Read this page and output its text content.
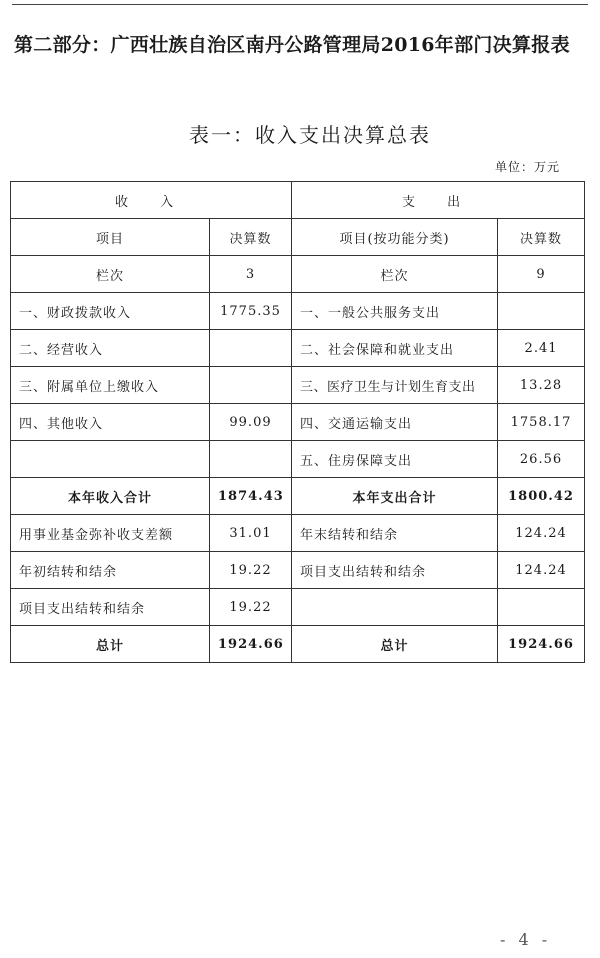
第二部分：广西壮族自治区南丹公路管理局2016年部门决算报表
表一：收入支出决算总表
单位：万元
收 入		支 出	
项目	决算数	项目(按功能分类)	决算数
栏次	3	栏次	9
一、财政拨款收入	1775.35	一、一般公共服务支出	
二、经营收入		二、社会保障和就业支出	2.41
三、附属单位上缴收入		三、医疗卫生与计划生育支出	13.28
四、其他收入	99.09	四、交通运输支出	1758.17
		五、住房保障支出	26.56
本年收入合计	1874.43	本年支出合计	1800.42
用事业基金弥补收支差额	31.01	年末结转和结余	124.24
年初结转和结余	19.22	项目支出结转和结余	124.24
项目支出结转和结余	19.22		
总计	1924.66	总计	1924.66
- 4 -
